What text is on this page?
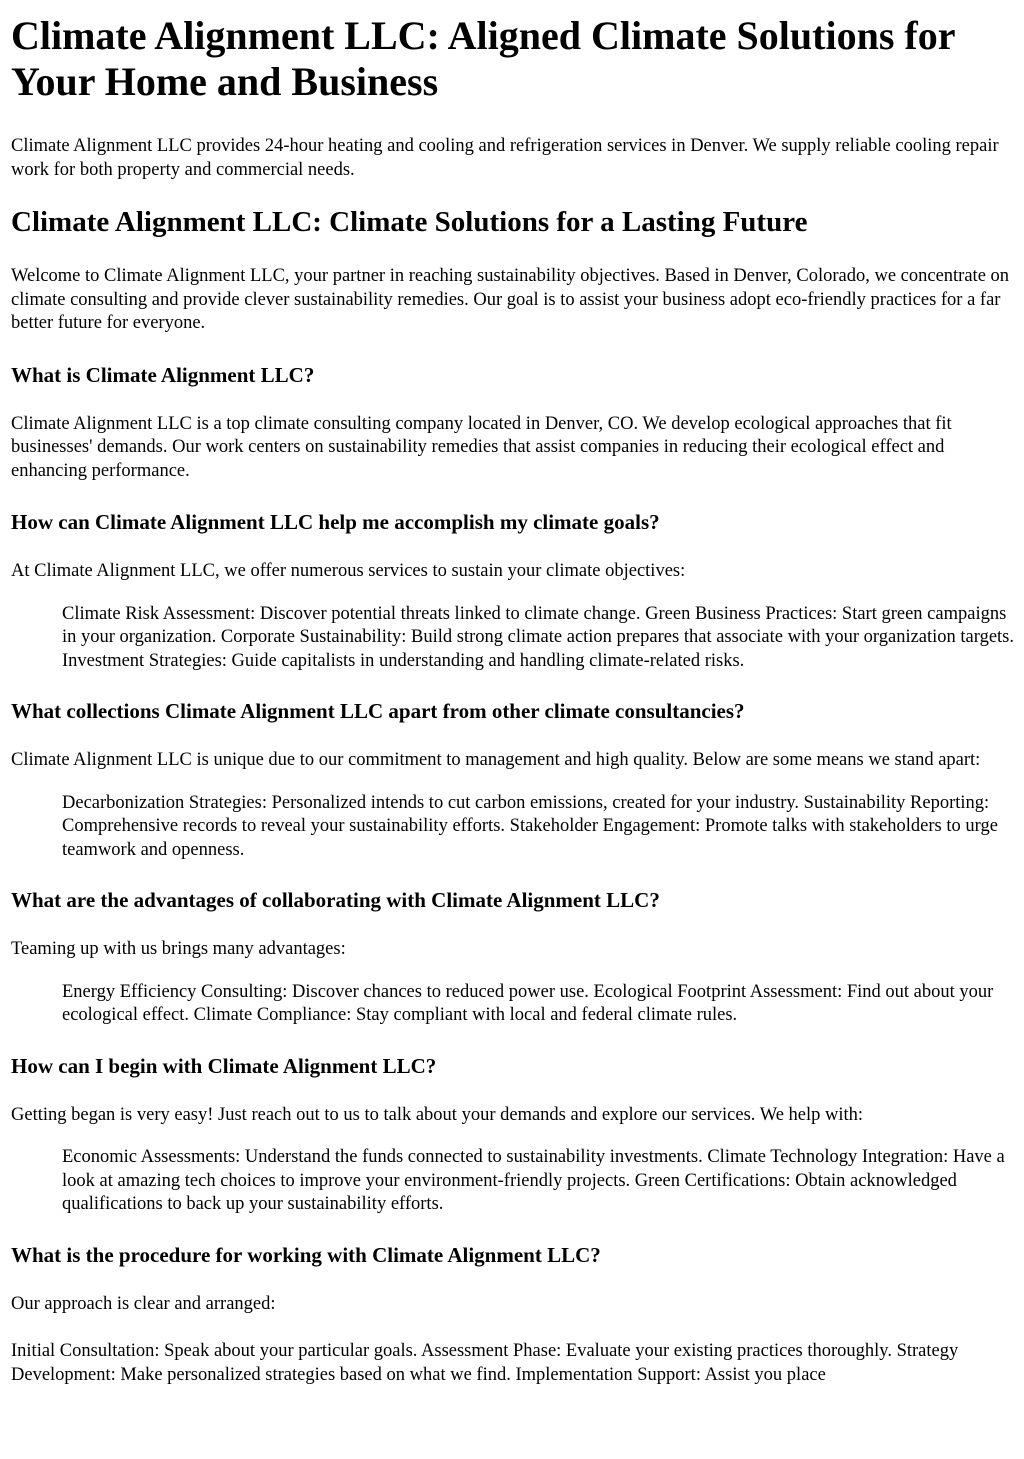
Climate Alignment LLC: Aligned Climate Solutions for Your Home and Business

Climate Alignment LLC provides 24-hour heating and cooling and refrigeration services in Denver. We supply reliable cooling repair work for both property and commercial needs.

Climate Alignment LLC: Climate Solutions for a Lasting Future

Welcome to Climate Alignment LLC, your partner in reaching sustainability objectives. Based in Denver, Colorado, we concentrate on climate consulting and provide clever sustainability remedies. Our goal is to assist your business adopt eco-friendly practices for a far better future for everyone.

What is Climate Alignment LLC?

Climate Alignment LLC is a top climate consulting company located in Denver, CO. We develop ecological approaches that fit businesses' demands. Our work centers on sustainability remedies that assist companies in reducing their ecological effect and enhancing performance.

How can Climate Alignment LLC help me accomplish my climate goals?

At Climate Alignment LLC, we offer numerous services to sustain your climate objectives:

Climate Risk Assessment: Discover potential threats linked to climate change. Green Business Practices: Start green campaigns in your organization. Corporate Sustainability: Build strong climate action prepares that associate with your organization targets. Investment Strategies: Guide capitalists in understanding and handling climate-related risks.
What collections Climate Alignment LLC apart from other climate consultancies?

Climate Alignment LLC is unique due to our commitment to management and high quality. Below are some means we stand apart:

Decarbonization Strategies: Personalized intends to cut carbon emissions, created for your industry. Sustainability Reporting: Comprehensive records to reveal your sustainability efforts. Stakeholder Engagement: Promote talks with stakeholders to urge teamwork and openness.
What are the advantages of collaborating with Climate Alignment LLC?

Teaming up with us brings many advantages:

Energy Efficiency Consulting: Discover chances to reduced power use. Ecological Footprint Assessment: Find out about your ecological effect. Climate Compliance: Stay compliant with local and federal climate rules.
How can I begin with Climate Alignment LLC?

Getting began is very easy! Just reach out to us to talk about your demands and explore our services. We help with:

Economic Assessments: Understand the funds connected to sustainability investments. Climate Technology Integration: Have a look at amazing tech choices to improve your environment-friendly projects. Green Certifications: Obtain acknowledged qualifications to back up your sustainability efforts.
What is the procedure for working with Climate Alignment LLC?

Our approach is clear and arranged:

Initial Consultation: Speak about your particular goals. Assessment Phase: Evaluate your existing practices thoroughly. Strategy Development: Make personalized strategies based on what we find. Implementation Support: Assist you place
